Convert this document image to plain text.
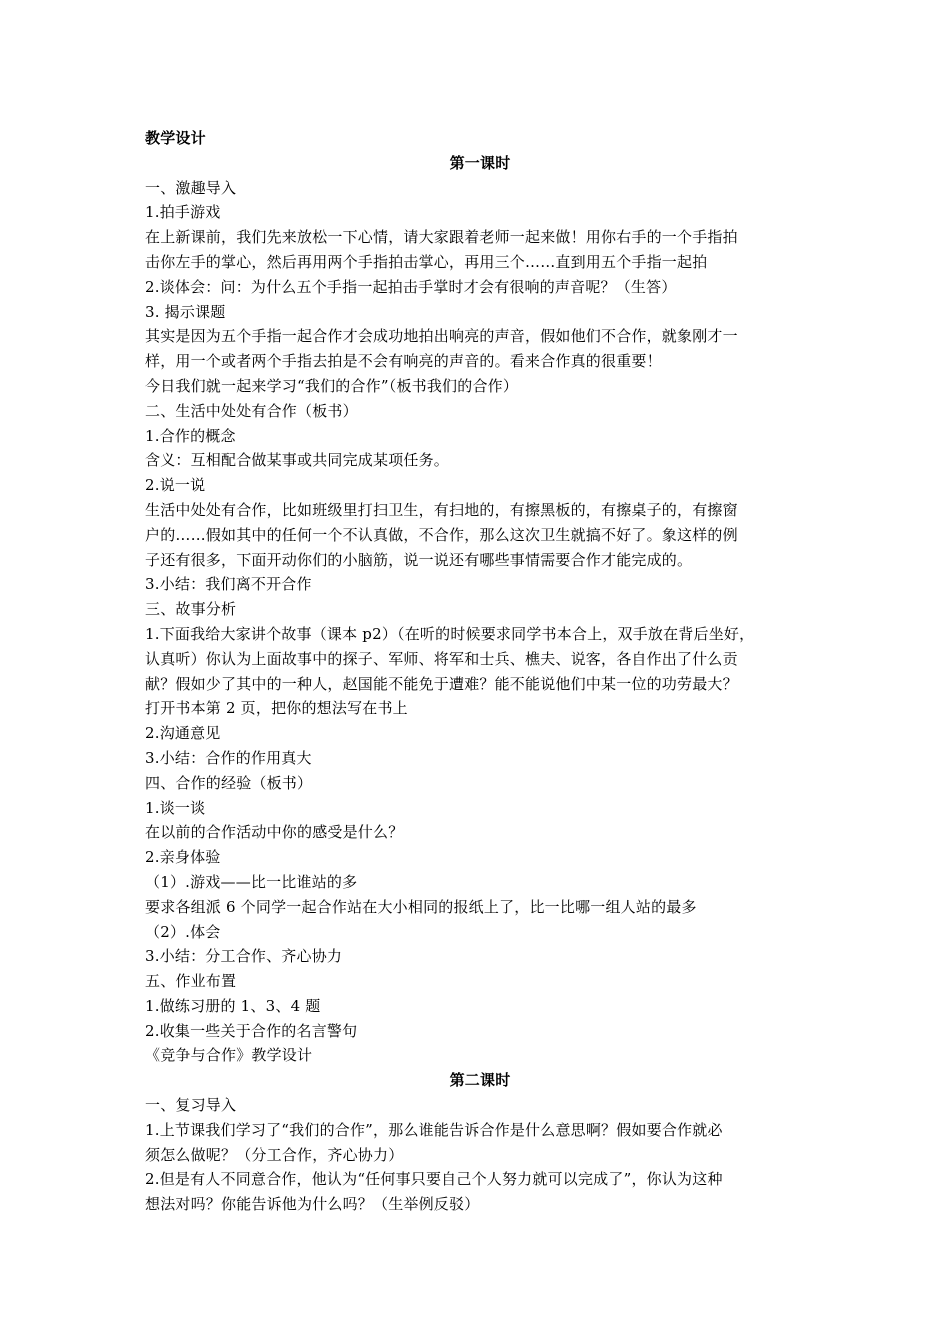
教学设计
第一课时
一、激趣导入
1.拍手游戏
在上新课前，我们先来放松一下心情，请大家跟着老师一起来做！用你右手的一个手指拍
击你左手的掌心，然后再用两个手指拍击掌心，再用三个……直到用五个手指一起拍
2.谈体会：问：为什么五个手指一起拍击手掌时才会有很响的声音呢？（生答）
3. 揭示课题
其实是因为五个手指一起合作才会成功地拍出响亮的声音，假如他们不合作，就象刚才一
样，用一个或者两个手指去拍是不会有响亮的声音的。看来合作真的很重要！
今日我们就一起来学习“我们的合作”（板书我们的合作）
二、生活中处处有合作（板书）
1.合作的概念
含义：互相配合做某事或共同完成某项任务。
2.说一说
生活中处处有合作，比如班级里打扫卫生，有扫地的，有擦黑板的，有擦桌子的，有擦窗
户的……假如其中的任何一个不认真做，不合作，那么这次卫生就搞不好了。象这样的例
子还有很多，下面开动你们的小脑筋，说一说还有哪些事情需要合作才能完成的。
3.小结：我们离不开合作
三、故事分析
1.下面我给大家讲个故事（课本 p2）（在听的时候要求同学书本合上，双手放在背后坐好，
认真听）你认为上面故事中的探子、军师、将军和士兵、樵夫、说客，各自作出了什么贡
献？假如少了其中的一种人，赵国能不能免于遭难？能不能说他们中某一位的功劳最大？
打开书本第 2 页，把你的想法写在书上
2.沟通意见
3.小结：合作的作用真大
四、合作的经验（板书）
1.谈一谈
在以前的合作活动中你的感受是什么？
2.亲身体验
（1）.游戏——比一比谁站的多
要求各组派 6 个同学一起合作站在大小相同的报纸上了，比一比哪一组人站的最多
（2）.体会
3.小结：分工合作、齐心协力
五、作业布置
1.做练习册的 1、3、4 题
2.收集一些关于合作的名言警句
《竞争与合作》教学设计
第二课时
一、复习导入
1.上节课我们学习了“我们的合作”，那么谁能告诉合作是什么意思啊？假如要合作就必
须怎么做呢？（分工合作，齐心协力）
2.但是有人不同意合作，他认为“任何事只要自己个人努力就可以完成了”，你认为这种
想法对吗？你能告诉他为什么吗？（生举例反驳）
